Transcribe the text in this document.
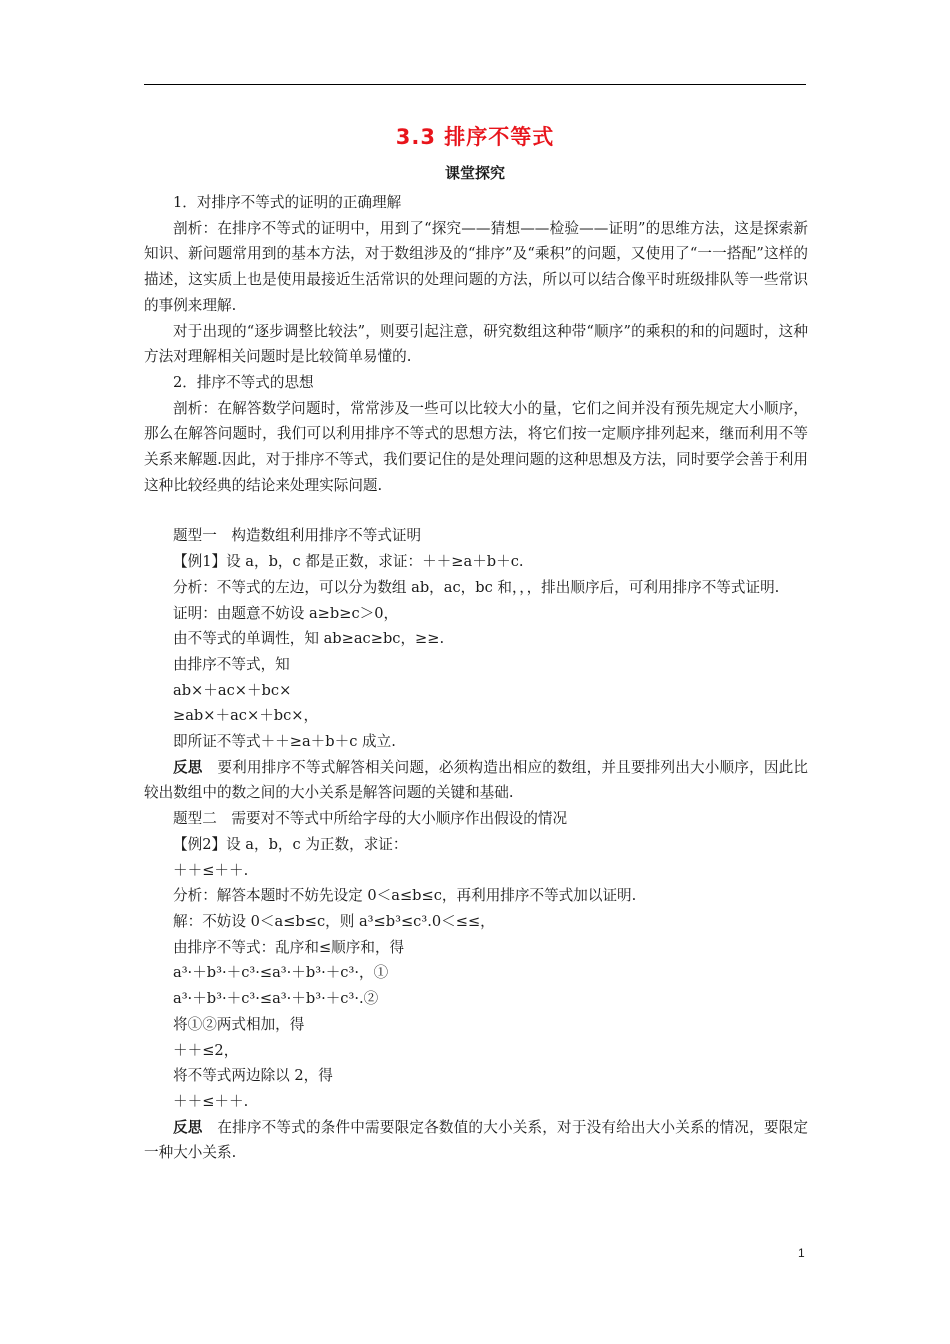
3.3 排序不等式
课堂探究

1．对排序不等式的证明的正确理解

剖析：在排序不等式的证明中，用到了“探究——猜想——检验——证明”的思维方法，这是探索新知识、新问题常用到的基本方法，对于数组涉及的“排序”及“乘积”的问题，又使用了“一一搭配”这样的描述，这实质上也是使用最接近生活常识的处理问题的方法，所以可以结合像平时班级排队等一些常识的事例来理解.

对于出现的“逐步调整比较法”，则要引起注意，研究数组这种带“顺序”的乘积的和的问题时，这种方法对理解相关问题时是比较简单易懂的.

2．排序不等式的思想

剖析：在解答数学问题时，常常涉及一些可以比较大小的量，它们之间并没有预先规定大小顺序，那么在解答问题时，我们可以利用排序不等式的思想方法，将它们按一定顺序排列起来，继而利用不等关系来解题.因此，对于排序不等式，我们要记住的是处理问题的这种思想及方法，同时要学会善于利用这种比较经典的结论来处理实际问题.

题型一　构造数组利用排序不等式证明

【例1】设 a，b，c 都是正数，求证：＋＋≥a＋b＋c.

分析：不等式的左边，可以分为数组 ab，ac，bc 和，，，排出顺序后，可利用排序不等式证明.

证明：由题意不妨设 a≥b≥c＞0，

由不等式的单调性，知 ab≥ac≥bc，≥≥.

由排序不等式，知

ab×＋ac×＋bc×

≥ab×＋ac×＋bc×，

即所证不等式＋＋≥a＋b＋c 成立.

反思　要利用排序不等式解答相关问题，必须构造出相应的数组，并且要排列出大小顺序，因此比较出数组中的数之间的大小关系是解答问题的关键和基础.

题型二　需要对不等式中所给字母的大小顺序作出假设的情况

【例2】设 a，b，c 为正数，求证：

＋＋≤＋＋.

分析：解答本题时不妨先设定 0＜a≤b≤c，再利用排序不等式加以证明.

解：不妨设 0＜a≤b≤c，则 a³≤b³≤c³.0＜≤≤，

由排序不等式：乱序和≤顺序和，得

a³·＋b³·＋c³·≤a³·＋b³·＋c³·，①

a³·＋b³·＋c³·≤a³·＋b³·＋c³·.②

将①②两式相加，得

＋＋≤2，

将不等式两边除以 2，得

＋＋≤＋＋.

反思　在排序不等式的条件中需要限定各数值的大小关系，对于没有给出大小关系的情况，要限定一种大小关系.

1
